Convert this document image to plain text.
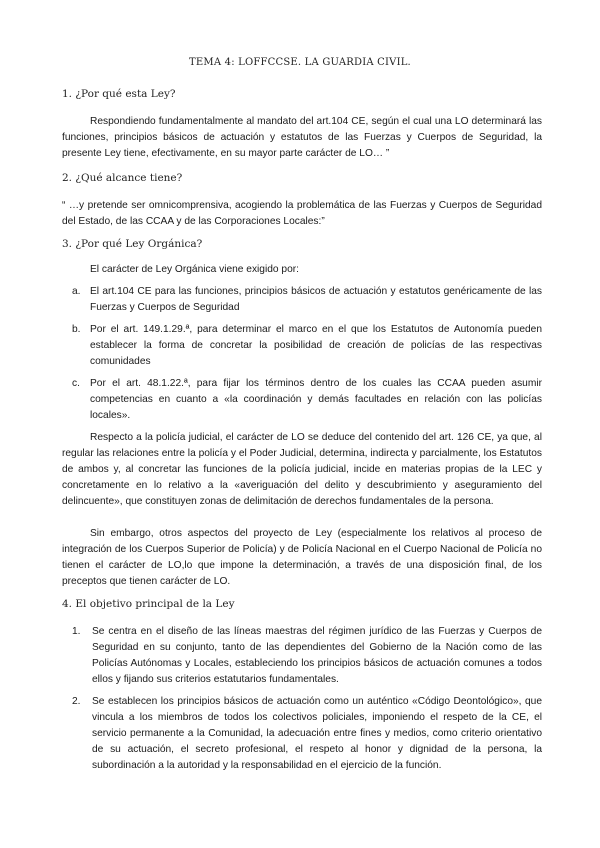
TEMA 4: LOFFCCSE. LA GUARDIA CIVIL.
1. ¿Por qué esta Ley?
Respondiendo fundamentalmente al mandato del art.104 CE, según el cual una LO determinará las funciones, principios básicos de actuación y estatutos de las Fuerzas y Cuerpos de Seguridad, la presente Ley tiene, efectivamente, en su mayor parte carácter de LO… ”
2. ¿Qué alcance tiene?
“ …y pretende ser omnicomprensiva, acogiendo la problemática de las Fuerzas y Cuerpos de Seguridad del Estado, de las CCAA y de las Corporaciones Locales:”
3. ¿Por qué Ley Orgánica?
El carácter de Ley Orgánica viene exigido por:
a. El art.104 CE para las funciones, principios básicos de actuación y estatutos genéricamente de las Fuerzas y Cuerpos de Seguridad
b. Por el art. 149.1.29.ª, para determinar el marco en el que los Estatutos de Autonomía pueden establecer la forma de concretar la posibilidad de creación de policías de las respectivas comunidades
c. Por el art. 48.1.22.ª, para fijar los términos dentro de los cuales las CCAA pueden asumir competencias en cuanto a «la coordinación y demás facultades en relación con las policías locales».
Respecto a la policía judicial, el carácter de LO se deduce del contenido del art. 126 CE, ya que, al regular las relaciones entre la policía y el Poder Judicial, determina, indirecta y parcialmente, los Estatutos de ambos y, al concretar las funciones de la policía judicial, incide en materias propias de la LEC y concretamente en lo relativo a la «averiguación del delito y descubrimiento y aseguramiento del delincuente», que constituyen zonas de delimitación de derechos fundamentales de la persona.
Sin embargo, otros aspectos del proyecto de Ley (especialmente los relativos al proceso de integración de los Cuerpos Superior de Policía) y de Policía Nacional en el Cuerpo Nacional de Policía no tienen el carácter de LO,lo que impone la determinación, a través de una disposición final, de los preceptos que tienen carácter de LO.
4. El objetivo principal de la Ley
1. Se centra en el diseño de las líneas maestras del régimen jurídico de las Fuerzas y Cuerpos de Seguridad en su conjunto, tanto de las dependientes del Gobierno de la Nación como de las Policías Autónomas y Locales, estableciendo los principios básicos de actuación comunes a todos ellos y fijando sus criterios estatutarios fundamentales.
2. Se establecen los principios básicos de actuación como un auténtico «Código Deontológico», que vincula a los miembros de todos los colectivos policiales, imponiendo el respeto de la CE, el servicio permanente a la Comunidad, la adecuación entre fines y medios, como criterio orientativo de su actuación, el secreto profesional, el respeto al honor y dignidad de la persona, la subordinación a la autoridad y la responsabilidad en el ejercicio de la función.
